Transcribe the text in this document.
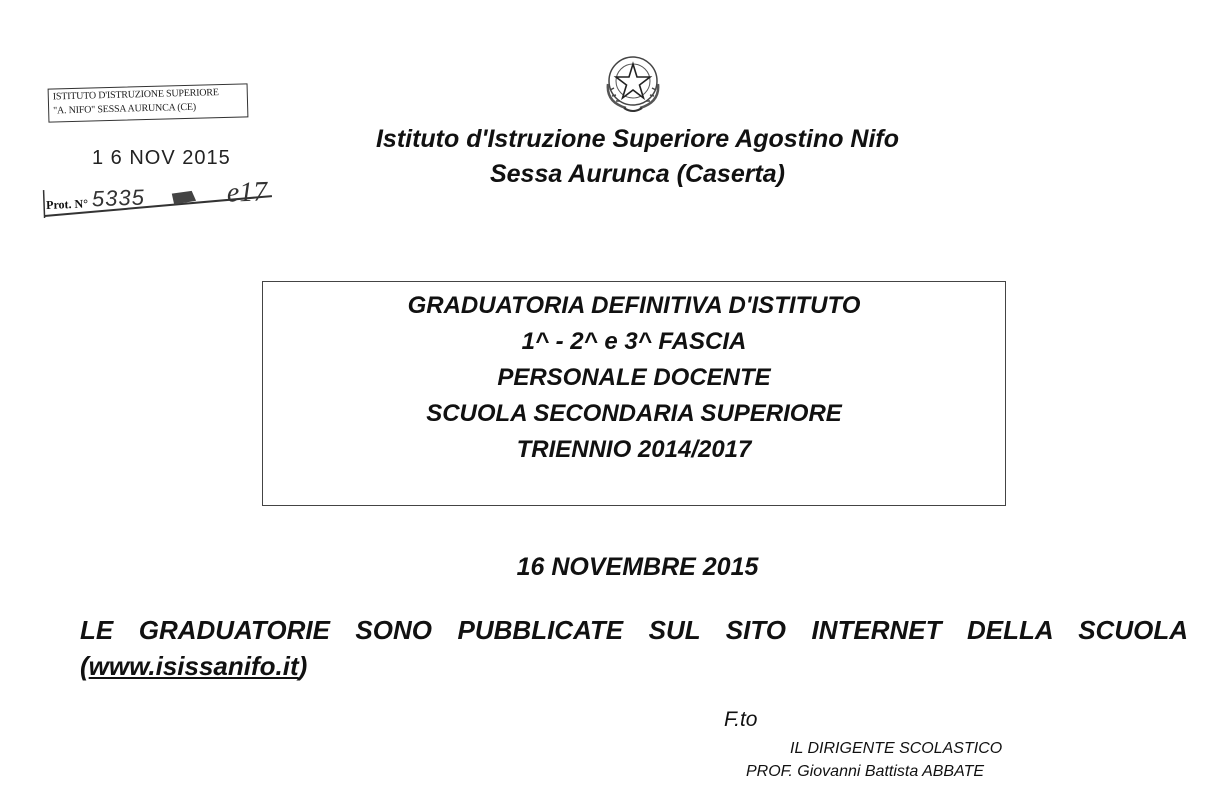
ISTITUTO D'ISTRUZIONE SUPERIORE
"A. NIFO" SESSA AURUNCA (CE)
1 6 NOV 2015
Prot. N° 5335	e17
Istituto d'Istruzione Superiore Agostino Nifo
Sessa Aurunca (Caserta)
GRADUATORIA DEFINITIVA D'ISTITUTO
1^ - 2^ e 3^ FASCIA
PERSONALE DOCENTE
SCUOLA SECONDARIA SUPERIORE
TRIENNIO 2014/2017
16 NOVEMBRE 2015
LE GRADUATORIE SONO PUBBLICATE SUL SITO INTERNET DELLA SCUOLA (www.isissanifo.it)
F.to
IL DIRIGENTE SCOLASTICO
PROF. Giovanni Battista ABBATE
